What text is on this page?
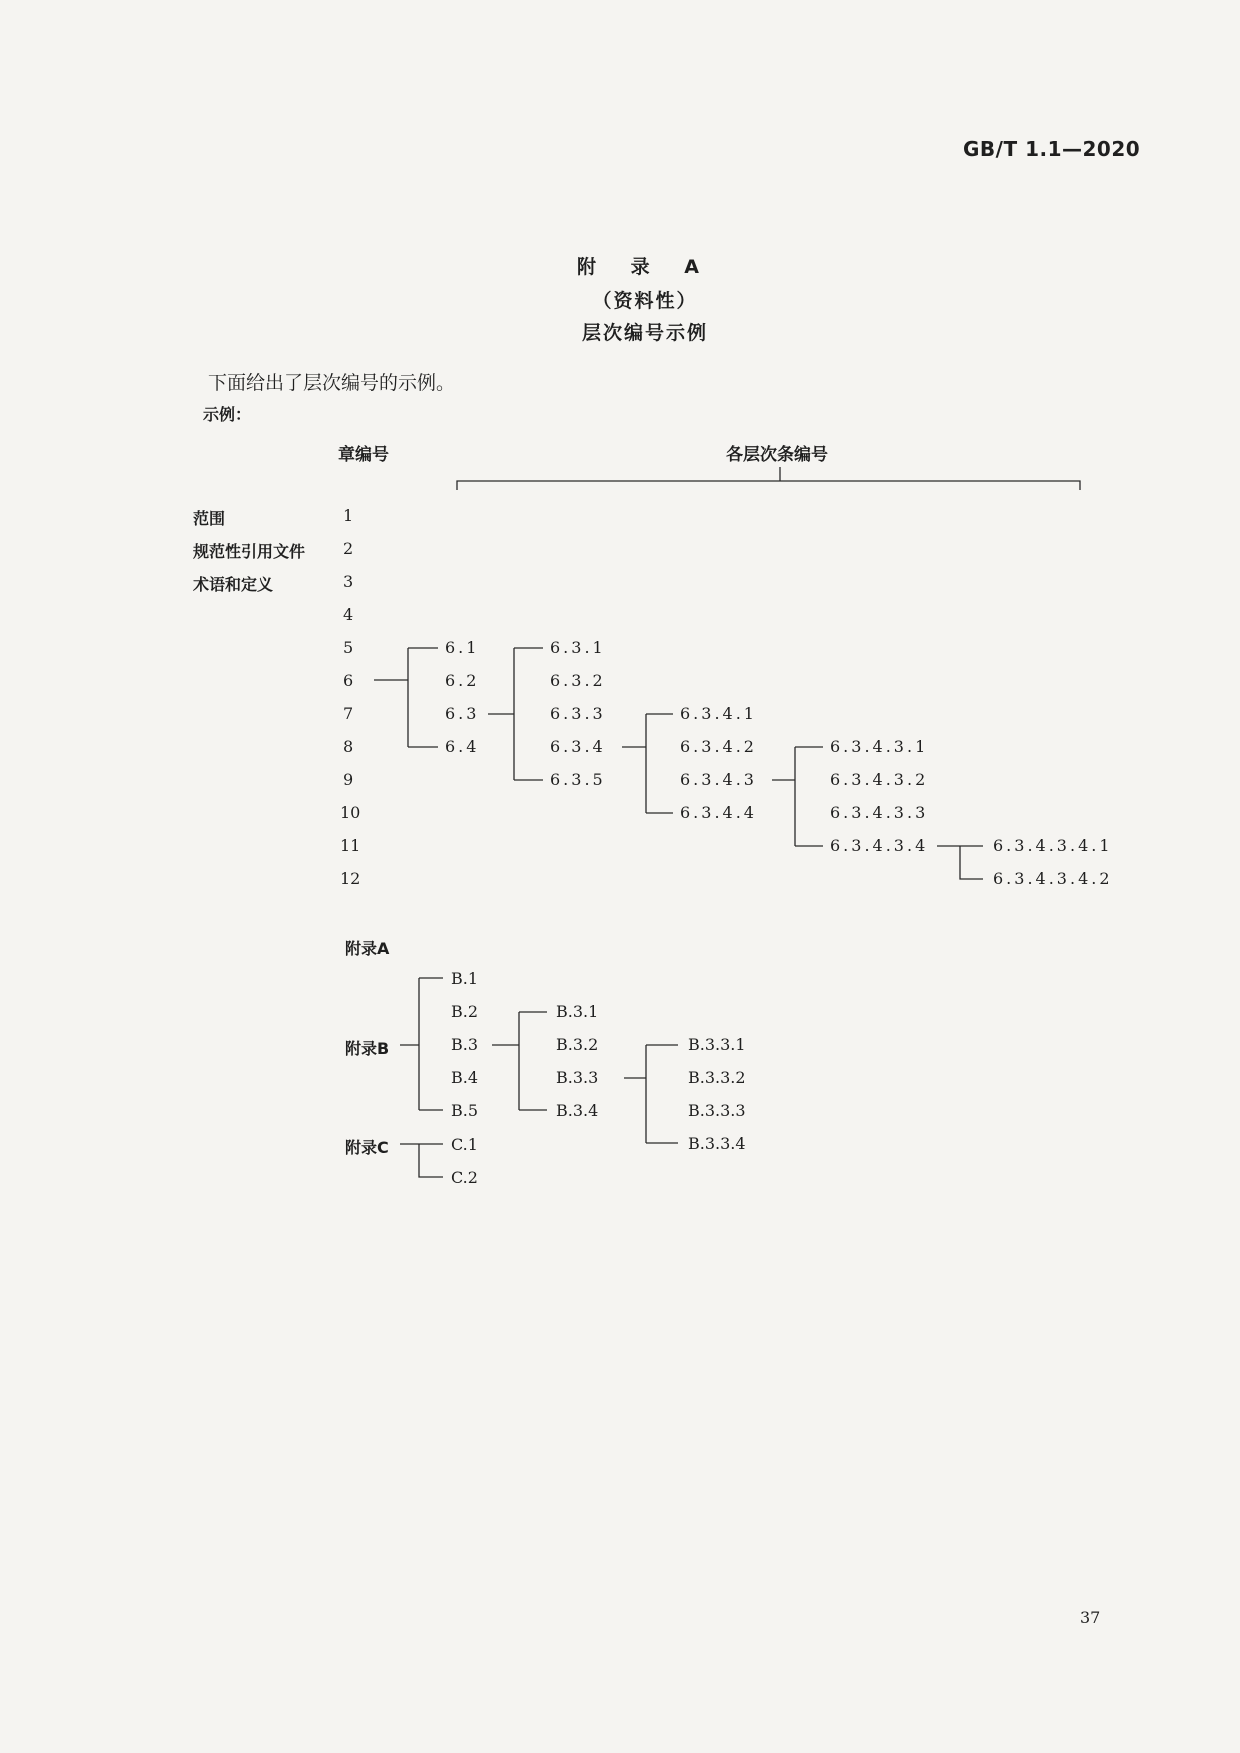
GB/T 1.1—2020
附 录 A
（资料性）
层次编号示例
下面给出了层次编号的示例。
示例：
章编号	各层次条编号
范围
规范性引用文件
术语和定义
1
2
3
4
5
6
7
8
9
10
11
12
6.1
6.2
6.3
6.4
6.3.1
6.3.2
6.3.3
6.3.4
6.3.5
6.3.4.1
6.3.4.2
6.3.4.3
6.3.4.4
6.3.4.3.1
6.3.4.3.2
6.3.4.3.3
6.3.4.3.4	6.3.4.3.4.1
6.3.4.3.4.2
附录A
附录B
附录C
B.1
B.2
B.3
B.4
B.5
B.3.1
B.3.2
B.3.3
B.3.4
B.3.3.1
B.3.3.2
B.3.3.3
B.3.3.4
C.1
C.2
37
